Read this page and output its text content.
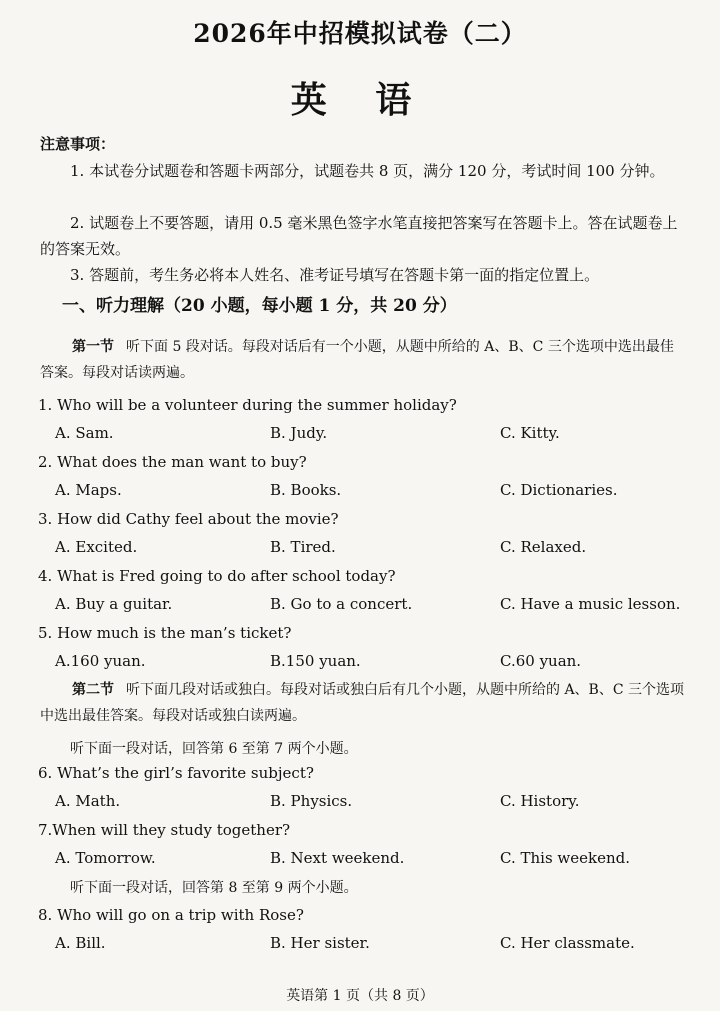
2026年中招模拟试卷（二）
英 语
注意事项：
1. 本试卷分试题卷和答题卡两部分，试题卷共 8 页，满分 120 分，考试时间 100 分钟。
2. 试题卷上不要答题，请用 0.5 毫米黑色签字水笔直接把答案写在答题卡上。答在试题卷上的答案无效。
3. 答题前，考生务必将本人姓名、准考证号填写在答题卡第一面的指定位置上。
一、听力理解（20 小题，每小题 1 分，共 20 分）
第一节 听下面 5 段对话。每段对话后有一个小题，从题中所给的 A、B、C 三个选项中选出最佳答案。每段对话读两遍。
1. Who will be a volunteer during the summer holiday?
A. Sam.	B. Judy.	C. Kitty.
2. What does the man want to buy?
A. Maps.	B. Books.	C. Dictionaries.
3. How did Cathy feel about the movie?
A. Excited.	B. Tired.	C. Relaxed.
4. What is Fred going to do after school today?
A. Buy a guitar.	B. Go to a concert.	C. Have a music lesson.
5. How much is the man’s ticket?
A.160 yuan.	B.150 yuan.	C.60 yuan.
第二节 听下面几段对话或独白。每段对话或独白后有几个小题，从题中所给的 A、B、C 三个选项中选出最佳答案。每段对话或独白读两遍。
听下面一段对话，回答第 6 至第 7 两个小题。
6. What’s the girl’s favorite subject?
A. Math.	B. Physics.	C. History.
7.When will they study together?
A. Tomorrow.	B. Next weekend.	C. This weekend.
听下面一段对话，回答第 8 至第 9 两个小题。
8. Who will go on a trip with Rose?
A. Bill.	B. Her sister.	C. Her classmate.
英语第 1 页（共 8 页）
